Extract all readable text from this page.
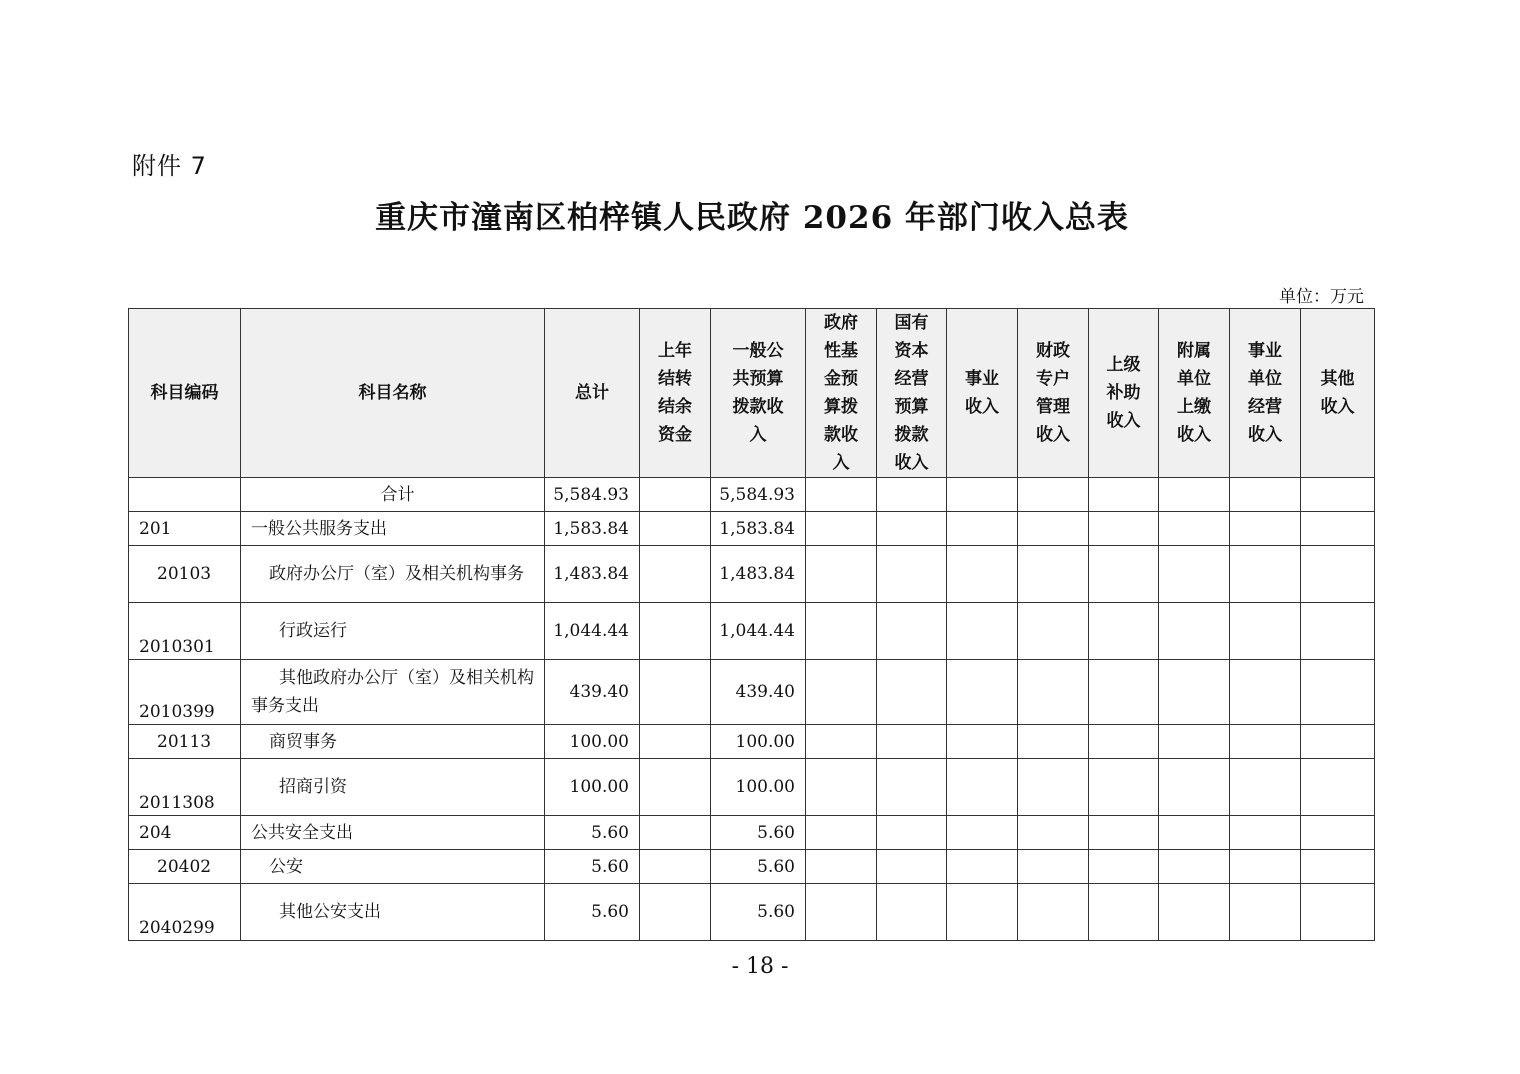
附件 7
重庆市潼南区柏梓镇人民政府 2026 年部门收入总表
单位：万元
科目编码	科目名称	总计	上年结转结余资金	一般公共预算拨款收入	政府性基金预算拨款收入	国有资本经营预算拨款收入	事业收入	财政专户管理收入	上级补助收入	附属单位上缴收入	事业单位经营收入	其他收入

	合计	5,584.93		5,584.93								
201	一般公共服务支出	1,583.84		1,583.84								
20103	政府办公厅（室）及相关机构事务	1,483.84		1,483.84								
2010301	行政运行	1,044.44		1,044.44								
2010399	其他政府办公厅（室）及相关机构事务支出	439.40		439.40								
20113	商贸事务	100.00		100.00								
2011308	招商引资	100.00		100.00								
204	公共安全支出	5.60		5.60								
20402	公安	5.60		5.60								
2040299	其他公安支出	5.60		5.60								
- 18 -
